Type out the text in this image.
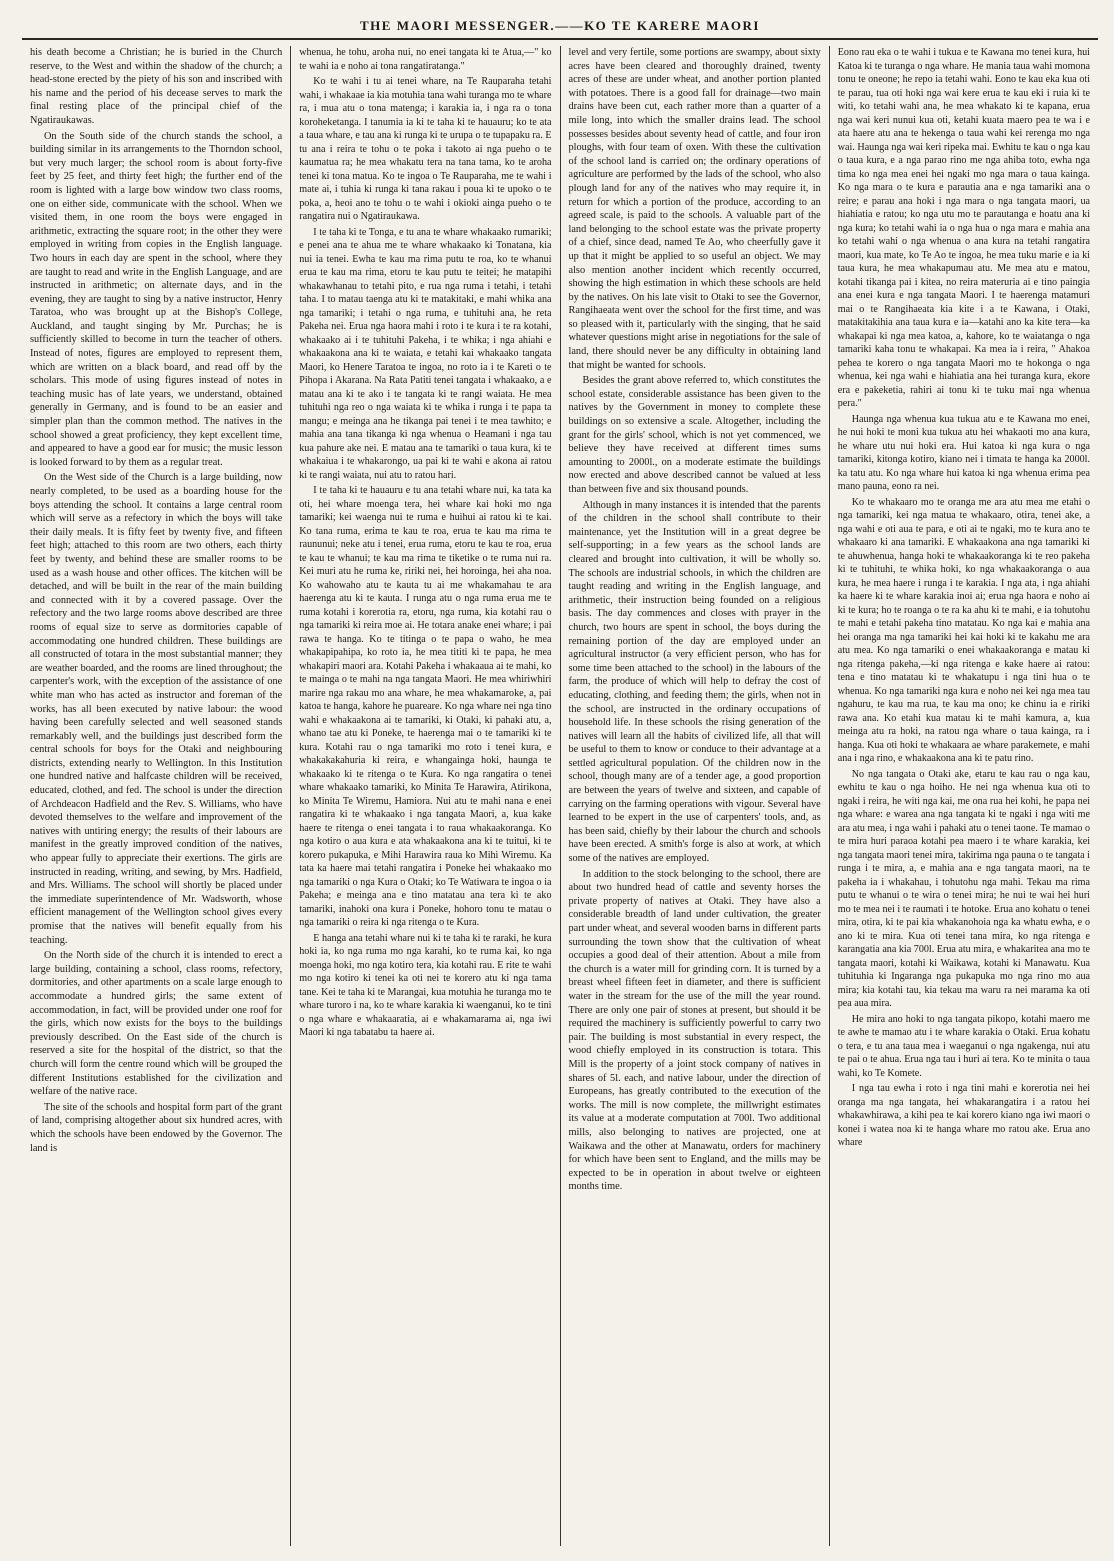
THE MAORI MESSENGER.——KO TE KARERE MAORI

his death become a Christian; he is buried in the Church reserve, to the West and within the shadow of the church; a head-stone erected by the piety of his son and inscribed with his name and the period of his decease serves to mark the final resting place of the principal chief of the Ngatiraukawas.

On the South side of the church stands the school, a building similar in its arrangements to the Thorndon school, but very much larger; the school room is about forty-five feet by 25 feet, and thirty feet high; the further end of the room is lighted with a large bow window two class rooms, one on either side, communicate with the school. When we visited them, in one room the boys were engaged in arithmetic, extracting the square root; in the other they were employed in writing from copies in the English language. Two hours in each day are spent in the school, where they are taught to read and write in the English Language, and are instructed in arithmetic; on alternate days, and in the evening, they are taught to sing by a native instructor, Henry Taratoa, who was brought up at the Bishop's College, Auckland, and taught singing by Mr. Purchas; he is sufficiently skilled to become in turn the teacher of others. Instead of notes, figures are employed to represent them, which are written on a black board, and read off by the scholars. This mode of using figures instead of notes in teaching music has of late years, we understand, obtained generally in Germany, and is found to be an easier and simpler plan than the common method. The natives in the school showed a great proficiency, they kept excellent time, and appeared to have a good ear for music; the music lesson is looked forward to by them as a regular treat.

On the West side of the Church is a large building, now nearly completed, to be used as a boarding house for the boys attending the school. It contains a large central room which will serve as a refectory in which the boys will take their daily meals. It is fifty feet by twenty five, and fifteen feet high; attached to this room are two others, each thirty feet by twenty, and behind these are smaller rooms to be used as a wash house and other offices. The kitchen will be detached, and will be built in the rear of the main building and connected with it by a covered passage. Over the refectory and the two large rooms above described are three rooms of equal size to serve as dormitories capable of accommodating one hundred children. These buildings are all constructed of totara in the most substantial manner; they are weather boarded, and the rooms are lined throughout; the carpenter's work, with the exception of the assistance of one white man who has acted as instructor and foreman of the works, has all been executed by native labour: the wood having been carefully selected and well seasoned stands remarkably well, and the buildings just described form the central schools for boys for the Otaki and neighbouring districts, extending nearly to Wellington. In this Institution one hundred native and halfcaste children will be received, educated, clothed, and fed. The school is under the direction of Archdeacon Hadfield and the Rev. S. Williams, who have devoted themselves to the welfare and improvement of the natives with untiring energy; the results of their labours are manifest in the greatly improved condition of the natives, who appear fully to appreciate their exertions. The girls are instructed in reading, writing, and sewing, by Mrs. Hadfield, and Mrs. Williams. The school will shortly be placed under the immediate superintendence of Mr. Wadsworth, whose efficient management of the Wellington school gives every promise that the natives will benefit equally from his teaching.

On the North side of the church it is intended to erect a large building, containing a school, class rooms, refectory, dormitories, and other apartments on a scale large enough to accommodate a hundred girls; the same extent of accommodation, in fact, will be provided under one roof for the girls, which now exists for the boys to the buildings previously described. On the East side of the church is reserved a site for the hospital of the district, so that the church will form the centre round which will be grouped the different Institutions established for the civilization and welfare of the native race.

The site of the schools and hospital form part of the grant of land, comprising altogether about six hundred acres, with which the schools have been endowed by the Governor. The land is

whenua, he tohu, aroha nui, no enei tangata ki te Atua,—" ko te wahi ia e noho ai tona rangatiratanga."

Ko te wahi i tu ai tenei whare, na Te Rauparaha tetahi wahi, i whakaae ia kia motuhia tana wahi turanga mo te whare ra, i mua atu o tona matenga; i karakia ia, i nga ra o tona koroheketanga. I tanumia ia ki te taha ki te hauauru; ko te ata a taua whare, e tau ana ki runga ki te urupa o te tupapaku ra. E tu ana i reira te tohu o te poka i takoto ai nga pueho o te kaumatua ra; he mea whakatu tera na tana tama, ko te aroha tenei ki tona matua. Ko te ingoa o Te Rauparaha, me te wahi i mate ai, i tuhia ki runga ki tana rakau i poua ki te upoko o te poka, a, heoi ano te tohu o te wahi i okioki ainga pueho o te rangatira nui o Ngatiraukawa.

I te taha ki te Tonga, e tu ana te whare whakaako rumariki; e penei ana te ahua me te whare whakaako ki Tonatana, kia nui ia tenei. Ewha te kau ma rima putu te roa, ko te whanui erua te kau ma rima, etoru te kau putu te teitei; he matapihi whakawhanau to tetahi pito, e rua nga ruma i tetahi, i tetahi taha. I to matau taenga atu ki te matakitaki, e mahi whika ana nga tamariki; i tetahi o nga ruma, e tuhituhi ana, he reta Pakeha nei. Erua nga haora mahi i roto i te kura i te ra kotahi, whakaako ai i te tuhituhi Pakeha, i te whika; i nga ahiahi e whakaakona ana ki te waiata, e tetahi kai whakaako tangata Maori, ko Henere Taratoa te ingoa, no roto ia i te Kareti o te Pihopa i Akarana. Na Rata Patiti tenei tangata i whakaako, a e matau ana ki te ako i te tangata ki te rangi waiata. He mea tuhituhi nga reo o nga waiata ki te whika i runga i te papa ta mangu; e meinga ana he tikanga pai tenei i te mea tawhito; e mahia ana tana tikanga ki nga whenua o Heamani i nga tau kua pahure ake nei. E matau ana te tamariki o taua kura, ki te whakaiua i te whakarongo, ua pai ki te wahi e akona ai ratou ki te rangi waiata, nui atu to ratou hari.

I te taha ki te hauauru e tu ana tetahi whare nui, ka tata ka oti, hei whare moenga tera, hei whare kai hoki mo nga tamariki; kei waenga nui te ruma e huihui ai ratou ki te kai. Ko tana ruma, erima te kau te roa, erua te kau ma rima te raununui; neke atu i tenei, erua ruma, etoru te kau te roa, erua te kau te whanui; te kau ma rima te tiketike o te ruma nui ra. Kei muri atu he ruma ke, ririki nei, hei horoinga, hei aha noa. Ko wahowaho atu te kauta tu ai me whakamahau te ara haerenga atu ki te kauta. I runga atu o nga ruma erua me te ruma kotahi i korerotia ra, etoru, nga ruma, kia kotahi rau o nga tamariki ki reira moe ai. He totara anake enei whare; i pai rawa te hanga. Ko te titinga o te papa o waho, he mea whakapipahipa, ko roto ia, he mea tititi ki te papa, he mea whakapiri maori ara. Kotahi Pakeha i whakaaua ai te mahi, ko te mainga o te mahi na nga tangata Maori. He mea whiriwhiri marire nga rakau mo ana whare, he mea whakamaroke, a, pai katoa te hanga, kahore he puareare. Ko nga whare nei nga tino wahi e whakaakona ai te tamariki, ki Otaki, ki pahaki atu, a, whano tae atu ki Poneke, te haerenga mai o te tamariki ki te kura. Kotahi rau o nga tamariki mo roto i tenei kura, e whakakakahuria ki reira, e whangainga hoki, haunga te whakaako ki te ritenga o te Kura. Ko nga rangatira o tenei whare whakaako tamariki, ko Minita Te Harawira, Atirikona, ko Minita Te Wiremu, Hamiora. Nui atu te mahi nana e enei rangatira ki te whakaako i nga tangata Maori, a, kua kake haere te ritenga o enei tangata i to raua whakaakoranga. Ko nga kotiro o aua kura e ata whakaakona ana ki te tuitui, ki te korero pukapuka, e Mihi Harawira raua ko Mihi Wiremu. Ka tata ka haere mai tetahi rangatira i Poneke hei whakaako mo nga tamariki o nga Kura o Otaki; ko Te Watiwara te ingoa o ia Pakeha; e meinga ana e tino matatau ana tera ki te ako tamariki, inahoki ona kura i Poneke, hohoro tonu te matau o nga tamariki o reira ki nga ritenga o te Kura.

E hanga ana tetahi whare nui ki te taha ki te raraki, he kura hoki ia, ko nga ruma mo nga karahi, ko te ruma kai, ko nga moenga hoki, mo nga kotiro tera, kia kotahi rau. E rite te wahi mo nga kotiro ki tenei ka oti nei te korero atu ki nga tama tane. Kei te taha ki te Marangai, kua motuhia he turanga mo te whare turoro i na, ko te whare karakia ki waenganui, ko te tini o nga whare e whakaaratia, ai e whakamarama ai, nga iwi Maori ki nga tabatabu ta haere ai.

level and very fertile, some portions are swampy, about sixty acres have been cleared and thoroughly drained, twenty acres of these are under wheat, and another portion planted with potatoes. There is a good fall for drainage—two main drains have been cut, each rather more than a quarter of a mile long, into which the smaller drains lead. The school possesses besides about seventy head of cattle, and four iron ploughs, with four team of oxen. With these the cultivation of the school land is carried on; the ordinary operations of agriculture are performed by the lads of the school, who also plough land for any of the natives who may require it, in return for which a portion of the produce, according to an agreed scale, is paid to the schools. A valuable part of the land belonging to the school estate was the private property of a chief, since dead, named Te Ao, who cheerfully gave it up that it might be applied to so useful an object. We may also mention another incident which recently occurred, showing the high estimation in which these schools are held by the natives. On his late visit to Otaki to see the Governor, Rangihaeata went over the school for the first time, and was so pleased with it, particularly with the singing, that he said whatever questions might arise in negotiations for the sale of land, there should never be any difficulty in obtaining land that might be wanted for schools.

Besides the grant above referred to, which constitutes the school estate, considerable assistance has been given to the natives by the Government in money to complete these buildings on so extensive a scale. Altogether, including the grant for the girls' school, which is not yet commenced, we believe they have received at different times sums amounting to 2000l., on a moderate estimate the buildings now erected and above described cannot be valued at less than between five and six thousand pounds.

Although in many instances it is intended that the parents of the children in the school shall contribute to their maintenance, yet the Institution will in a great degree be self-supporting; in a few years as the school lands are cleared and brought into cultivation, it will be wholly so. The schools are industrial schools, in which the children are taught reading and writing in the English language, and arithmetic, their instruction being founded on a religious basis. The day commences and closes with prayer in the church, two hours are spent in school, the boys during the remaining portion of the day are employed under an agricultural instructor (a very efficient person, who has for some time been attached to the school) in the labours of the farm, the produce of which will help to defray the cost of educating, clothing, and feeding them; the girls, when not in the school, are instructed in the ordinary occupations of household life. In these schools the rising generation of the natives will learn all the habits of civilized life, all that will be useful to them to know or conduce to their advantage at a settled agricultural population. Of the children now in the school, though many are of a tender age, a good proportion are between the years of twelve and sixteen, and capable of carrying on the farming operations with vigour. Several have learned to be expert in the use of carpenters' tools, and, as has been said, chiefly by their labour the church and schools have been erected. A smith's forge is also at work, at which some of the natives are employed.

In addition to the stock belonging to the school, there are about two hundred head of cattle and seventy horses the private property of natives at Otaki. They have also a considerable breadth of land under cultivation, the greater part under wheat, and several wooden barns in different parts surrounding the town show that the cultivation of wheat occupies a good deal of their attention. About a mile from the church is a water mill for grinding corn. It is turned by a breast wheel fifteen feet in diameter, and there is sufficient water in the stream for the use of the mill the year round. There are only one pair of stones at present, but should it be required the machinery is sufficiently powerful to carry two pair. The building is most substantial in every respect, the wood chiefly employed in its construction is totara. This Mill is the property of a joint stock company of natives in shares of 5l. each, and native labour, under the direction of Europeans, has greatly contributed to the execution of the works. The mill is now complete, the millwright estimates its value at a moderate computation at 700l. Two additional mills, also belonging to natives are projected, one at Waikawa and the other at Manawatu, orders for machinery for which have been sent to England, and the mills may be expected to be in operation in about twelve or eighteen months time.

Eono rau eka o te wahi i tukua e te Kawana mo tenei kura, hui Katoa ki te turanga o nga whare. He mania taua wahi momona tonu te oneone; he repo ia tetahi wahi. Eono te kau eka kua oti te parau, tua oti hoki nga wai kere erua te kau eki i ruia ki te witi, ko tetahi wahi ana, he mea whakato ki te kapana, erua nga wai keri nunui kua oti, ketahi kuata maero pea te wa i e ata haere atu ana te hekenga o taua wahi kei rerenga mo nga wai. Haunga nga wai keri ripeka mai. Ewhitu te kau o nga kau o taua kura, e a nga parao rino me nga ahiba toto, ewha nga tima ko nga mea enei hei ngaki mo nga mara o taua kainga. Ko nga mara o te kura e parautia ana e nga tamariki ana o reire; e parau ana hoki i nga mara o nga tangata maori, ua hiahiatia e ratou; ko nga utu mo te parautanga e hoatu ana ki nga kura; ko tetahi wahi ia o nga hua o nga mara e mahia ana ko tetahi wahi o nga whenua o ana kura na tetahi rangatira maori, kua mate, ko Te Ao te ingoa, he mea tuku marie e ia ki taua kura, he mea whakapumau atu. Me mea atu e matou, kotahi tikanga pai i kitea, no reira materuria ai e tino paingia ana enei kura e nga tangata Maori. I te haerenga matamuri mai o te Rangihaeata kia kite i a te Kawana, i Otaki, matakitakihia ana taua kura e ia—katahi ano ka kite tera—ka whakapai ki nga mea katoa, a, kahore, ko te waiatanga o nga tamariki kaha tonu te whakapai. Ka mea ia i reira, " Ahakoa pehea te korero o nga tangata Maori mo te hokonga o nga whenua, kei nga wahi e hiahiatia ana hei turanga kura, ekore era e pakeketia, rahiri ai tonu ki te tuku mai nga whenua pera."

Haunga nga whenua kua tukua atu e te Kawana mo enei, he nui hoki te moni kua tukua atu hei whakaoti mo ana kura, he whare utu nui hoki era. Hui katoa ki nga kura o nga tamariki, kitonga kotiro, kiano nei i timata te hanga ka 2000l. ka tatu atu. Ko nga whare hui katoa ki nga whenua erima pea mano pauna, eono ra nei.

Ko te whakaaro mo te oranga me ara atu mea me etahi o nga tamariki, kei nga matua te whakaaro, otira, tenei ake, a nga wahi e oti aua te para, e oti ai te ngaki, mo te kura ano te whakaaro ki ana tamariki. E whakaakona ana nga tamariki ki te ahuwhenua, hanga hoki te whakaakoranga ki te reo pakeha ki te tuhituhi, te whika hoki, ko nga whakaakoranga o aua kura, he mea haere i runga i te karakia. I nga ata, i nga ahiahi ka haere ki te whare karakia inoi ai; erua nga haora e noho ai ki te kura; ho te roanga o te ra ka ahu ki te mahi, e ia tohutohu te mahi e tetahi pakeha tino matatau. Ko nga kai e mahia ana hei oranga ma nga tamariki hei kai hoki ki te kakahu me ara atu mea. Ko nga tamariki o enei whakaakoranga e matau ki nga ritenga pakeha,—ki nga ritenga e kake haere ai ratou: tena e tino matatau ki te whakatupu i nga tini hua o te whenua. Ko nga tamariki nga kura e noho nei kei nga mea tau ngahuru, te kau ma rua, te kau ma ono; ke chinu ia e ririki rawa ana. Ko etahi kua matau ki te mahi kamura, a, kua meinga atu ra hoki, na ratou nga whare o taua kainga, ra i hanga. Kua oti hoki te whakaara ae whare parakemete, e mahi ana i nga rino, e whakaakona ana ki te patu rino.

No nga tangata o Otaki ake, etaru te kau rau o nga kau, ewhitu te kau o nga hoiho. He nei nga whenua kua oti to ngaki i reira, he witi nga kai, me ona rua hei kohi, he papa nei nga whare: e warea ana nga tangata ki te ngaki i nga witi me ara atu mea, i nga wahi i pahaki atu o tenei taone. Te mamao o te mira huri paraoa kotahi pea maero i te whare karakia, kei nga tangata maori tenei mira, takirima nga pauna o te tangata i runga i te mira, a, e mahia ana e nga tangata maori, na te pakeha ia i whakahau, i tohutohu nga mahi. Tekau ma rima putu te whanui o te wira o tenei mira; he nui te wai hei huri mo te mea nei i te raumati i te hotoke. Erua ano kohatu o tenei mira, otira, ki te pai kia whakanohoia nga ka whatu ewha, e o ano ki te mira. Kua oti tenei tana mira, ko nga ritenga e karangatia ana kia 700l. Erua atu mira, e whakaritea ana mo te tangata maori, kotahi ki Waikawa, kotahi ki Manawatu. Kua tuhituhia ki Ingaranga nga pukapuka mo nga rino mo aua mira; kia kotahi tau, kia tekau ma waru ra nei marama ka oti pea aua mira.

He mira ano hoki to nga tangata pikopo, kotahi maero me te awhe te mamao atu i te whare karakia o Otaki. Erua kohatu o tera, e tu ana taua mea i waeganui o nga ngakenga, nui atu te pai o te ahua. Erua nga tau i huri ai tera. Ko te minita o taua wahi, ko Te Komete.

I nga tau ewha i roto i nga tini mahi e korerotia nei hei oranga ma nga tangata, hei whakarangatira i a ratou hei whakawhirawa, a kihi pea te kai korero kiano nga iwi maori o konei i watea noa ki te hanga whare mo ratou ake. Erua ano whare
